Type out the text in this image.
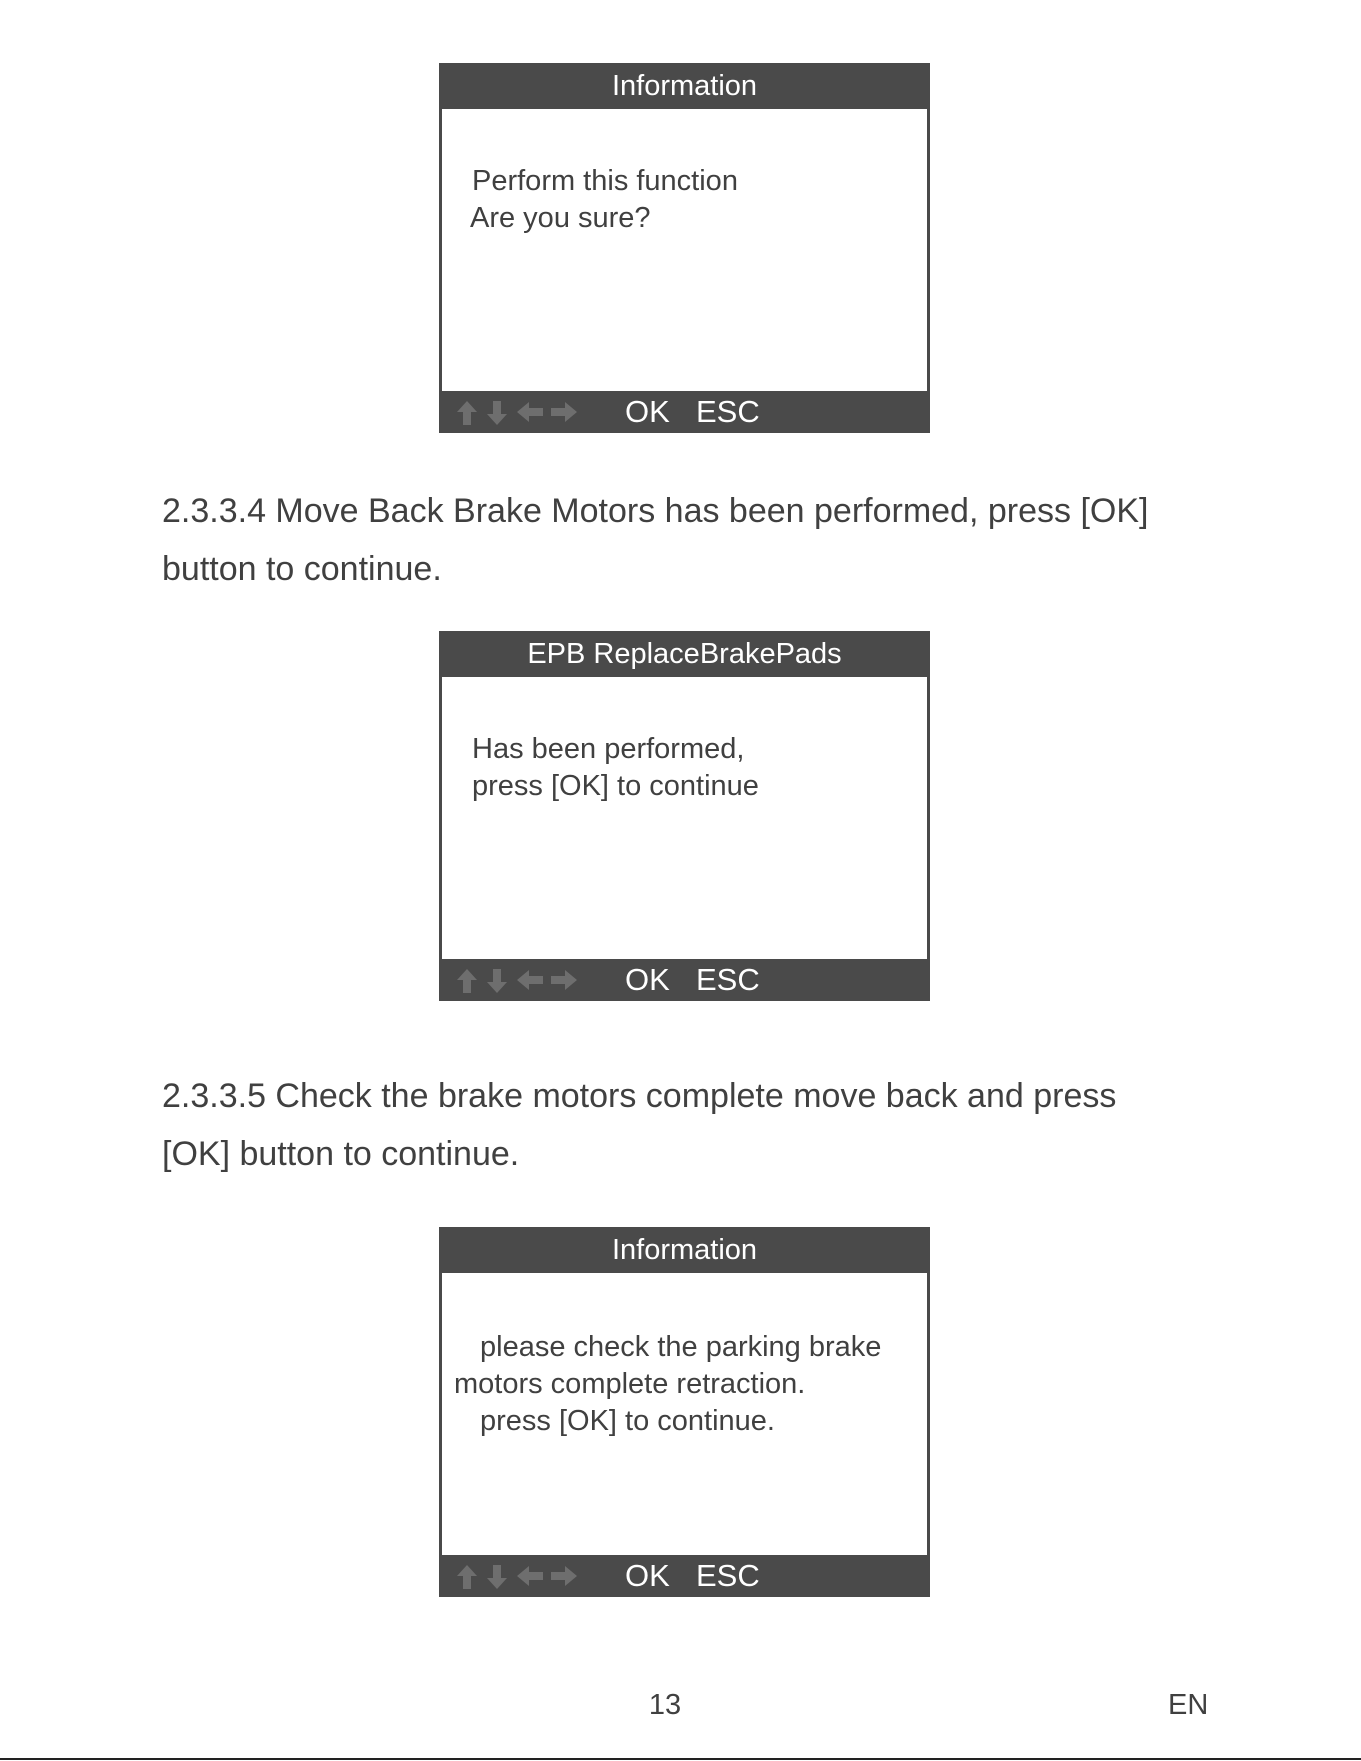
Information
Perform this function
Are you sure?
OK ESC
2.3.3.4 Move Back Brake Motors has been performed, press [OK]
button to continue.
EPB ReplaceBrakePads
Has been performed,
press [OK] to continue
OK ESC
2.3.3.5 Check the brake motors complete move back and press
[OK] button to continue.
Information
please check the parking brake
motors complete retraction.
press [OK] to continue.
OK ESC
13	EN
